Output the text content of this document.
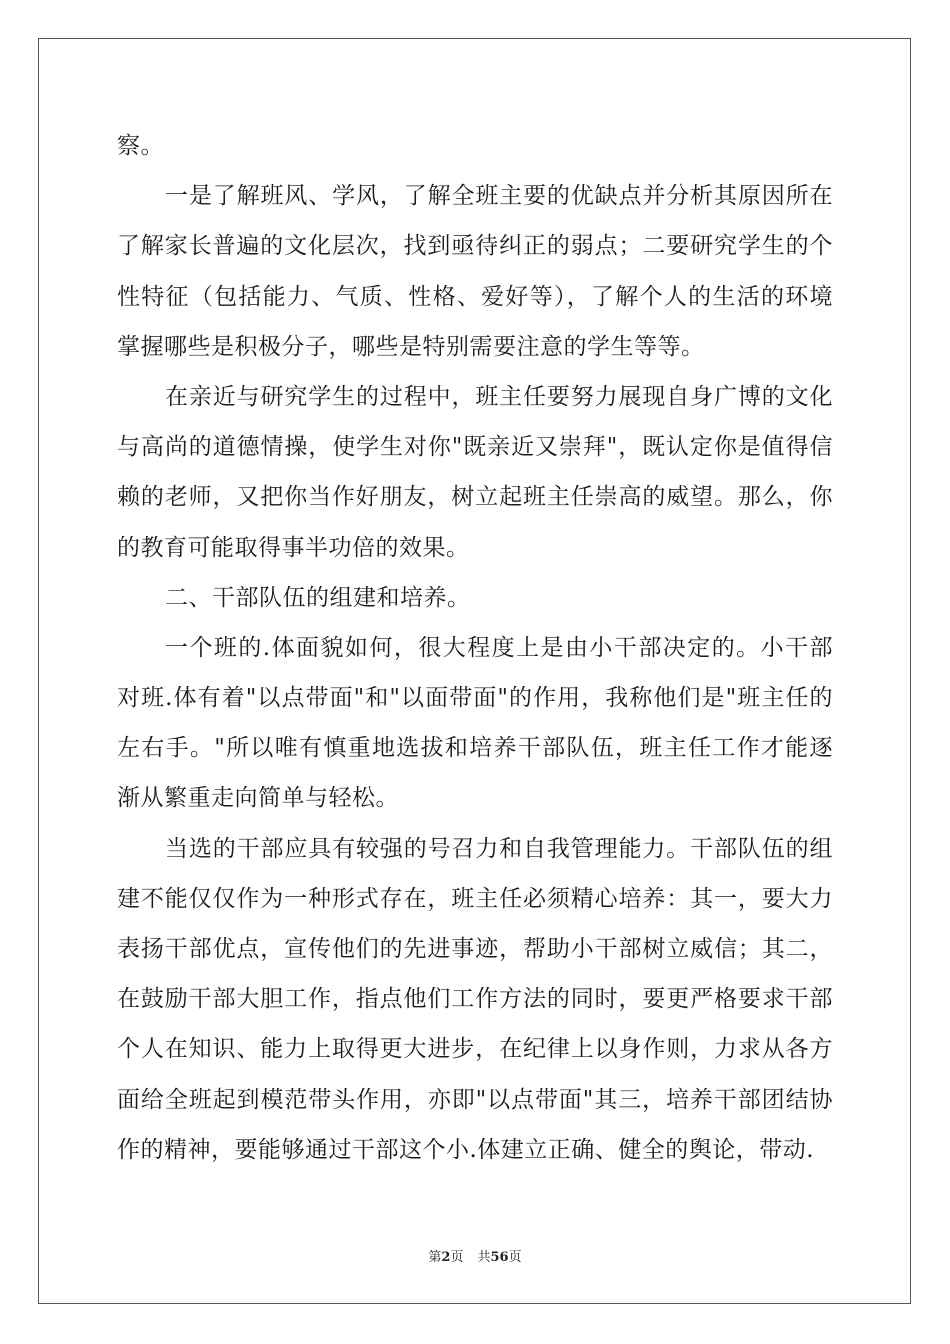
察。
一是了解班风、学风，了解全班主要的优缺点并分析其原因所在
了解家长普遍的文化层次，找到亟待纠正的弱点；二要研究学生的个
性特征（包括能力、气质、性格、爱好等），了解个人的生活的环境
掌握哪些是积极分子，哪些是特别需要注意的学生等等。
在亲近与研究学生的过程中，班主任要努力展现自身广博的文化
与高尚的道德情操，使学生对你"既亲近又崇拜"，既认定你是值得信
赖的老师，又把你当作好朋友，树立起班主任崇高的威望。那么，你
的教育可能取得事半功倍的效果。
二、干部队伍的组建和培养。
一个班的.体面貌如何，很大程度上是由小干部决定的。小干部
对班.体有着"以点带面"和"以面带面"的作用，我称他们是"班主任的
左右手。"所以唯有慎重地选拔和培养干部队伍，班主任工作才能逐
渐从繁重走向简单与轻松。
当选的干部应具有较强的号召力和自我管理能力。干部队伍的组
建不能仅仅作为一种形式存在，班主任必须精心培养：其一，要大力
表扬干部优点，宣传他们的先进事迹，帮助小干部树立威信；其二，
在鼓励干部大胆工作，指点他们工作方法的同时，要更严格要求干部
个人在知识、能力上取得更大进步，在纪律上以身作则，力求从各方
面给全班起到模范带头作用，亦即"以点带面"其三，培养干部团结协
作的精神，要能够通过干部这个小.体建立正确、健全的舆论，带动.
第2页 共56页
